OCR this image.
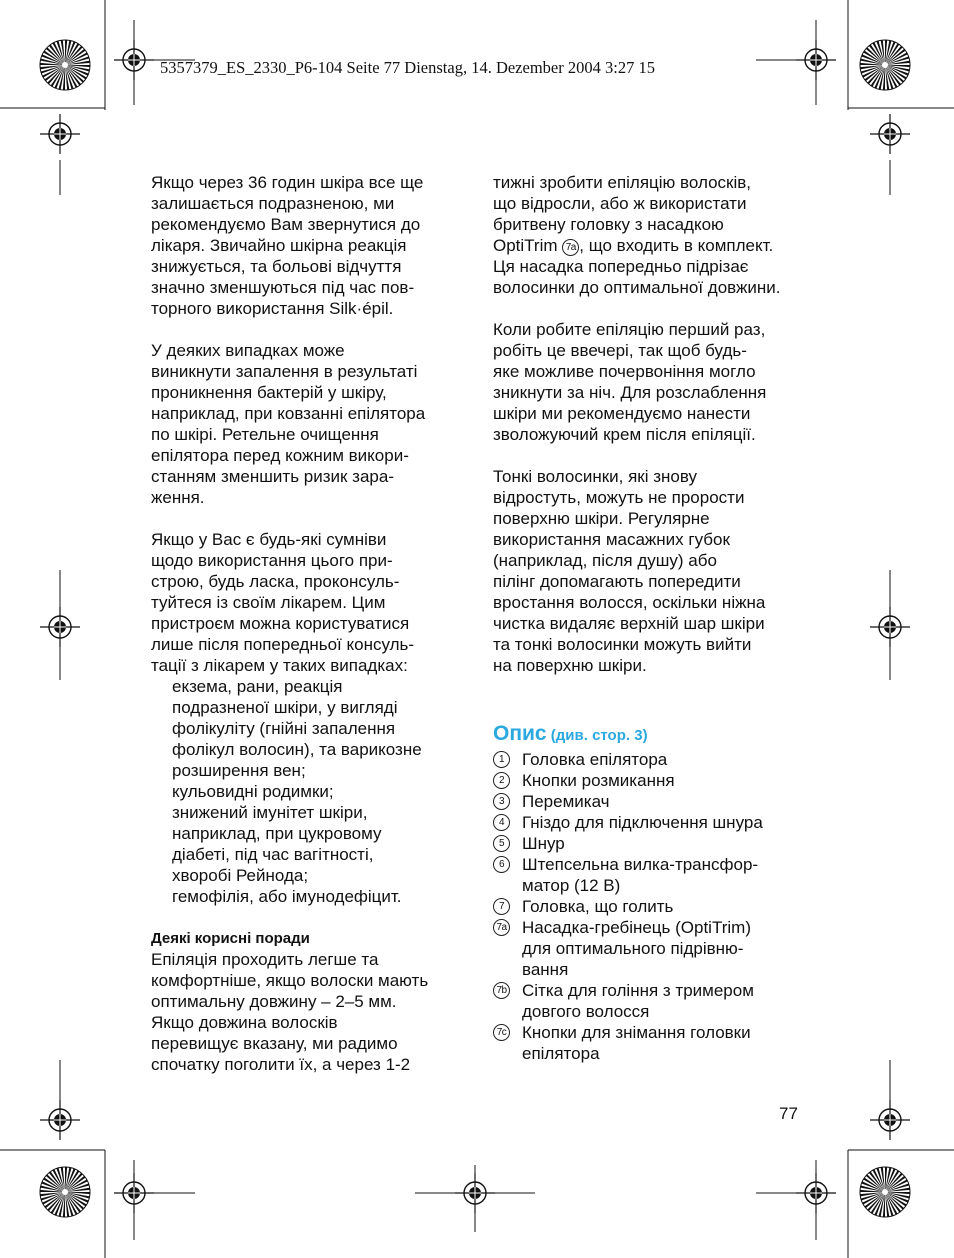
5357379_ES_2330_P6-104 Seite 77 Dienstag, 14. Dezember 2004 3:27 15
Якщо через 36 годин шкіра все ще
залишається подразненою, ми
рекомендуємо Вам звернутися до
лікаря. Звичайно шкірна реакція
знижується, та больові відчуття
значно зменшуються під час пов-
торного використання Silk·épil.
У деяких випадках може
виникнути запалення в результаті
проникнення бактерій у шкіру,
наприклад, при ковзанні епілятора
по шкірі. Ретельне очищення
епілятора перед кожним викори-
станням зменшить ризик зара-
ження.
Якщо у Вас є будь-які сумніви
щодо використання цього при-
строю, будь ласка, проконсуль-
туйтеся із своїм лікарем. Цим
пристроєм можна користуватися
лише після попередньої консуль-
тації з лікарем у таких випадках:
екзема, рани, реакція
подразненої шкіри, у вигляді
фолікуліту (гнійні запалення
фолікул волосин), та варикозне
розширення вен;
кульовидні родимки;
знижений імунітет шкіри,
наприклад, при цукровому
діабеті, під час вагітності,
хворобі Рейнода;
гемофілія, або імунодефіцит.
Деякі корисні поради
Епіляція проходить легше та
комфортніше, якщо волоски мають
оптимальну довжину – 2–5 мм.
Якщо довжина волосків
перевищує вказану, ми радимо
спочатку поголити їх, а через 1-2
тижні зробити епіляцію волосків,
що відросли, або ж використати
бритвену головку з насадкою
OptiTrim 7a , що входить в комплект.
Ця насадка попередньо підрізає
волосинки до оптимальної довжини.
Коли робите епіляцію перший раз,
робіть це ввечері, так щоб будь-
яке можливе почервоніння могло
зникнути за ніч. Для розслаблення
шкіри ми рекомендуємо нанести
зволожуючий крем після епіляції.
Тонкі волосинки, які знову
відростуть, можуть не прорости
поверхню шкіри. Регулярне
використання масажних губок
(наприклад, після душу) або
пілінг допомагають попередити
вростання волосся, оскільки ніжна
чистка видаляє верхній шар шкіри
та тонкі волосинки можуть вийти
на поверхню шкіри.
Опис (див. стор. 3)
1	Головка епілятора
2	Кнопки розмикання
3	Перемикач
4	Гніздо для підключення шнура
5	Шнур
6	Штепсельна вилка-трансфор-
матор (12 В)
7	Головка, що голить
7a Насадка-гребінець (OptiTrim)
для оптимального підрівню-
вання
7b Сітка для гоління з тримером
довгого волосся
7c Кнопки для знімання головки
епілятора
77
